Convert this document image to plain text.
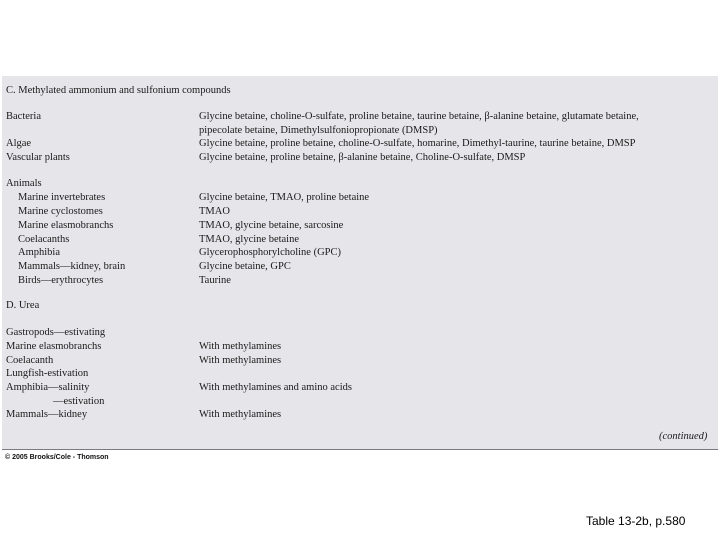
C. Methylated ammonium and sulfonium compounds
Bacteria	Glycine betaine, choline-O-sulfate, proline betaine, taurine betaine, β-alanine betaine, glutamate betaine,
pipecolate betaine, Dimethylsulfoniopropionate (DMSP)
Algae	Glycine betaine, proline betaine, choline-O-sulfate, homarine, Dimethyl-taurine, taurine betaine, DMSP
Vascular plants	Glycine betaine, proline betaine, β-alanine betaine, Choline-O-sulfate, DMSP
Animals
Marine invertebrates	Glycine betaine, TMAO, proline betaine
Marine cyclostomes	TMAO
Marine elasmobranchs	TMAO, glycine betaine, sarcosine
Coelacanths	TMAO, glycine betaine
Amphibia	Glycerophosphorylcholine (GPC)
Mammals—kidney, brain	Glycine betaine, GPC
Birds—erythrocytes	Taurine
D. Urea
Gastropods—estivating
Marine elasmobranchs	With methylamines
Coelacanth	With methylamines
Lungfish-estivation
Amphibia—salinity	With methylamines and amino acids
—estivation
Mammals—kidney	With methylamines
(continued)
© 2005 Brooks/Cole - Thomson
Table 13-2b, p.580
